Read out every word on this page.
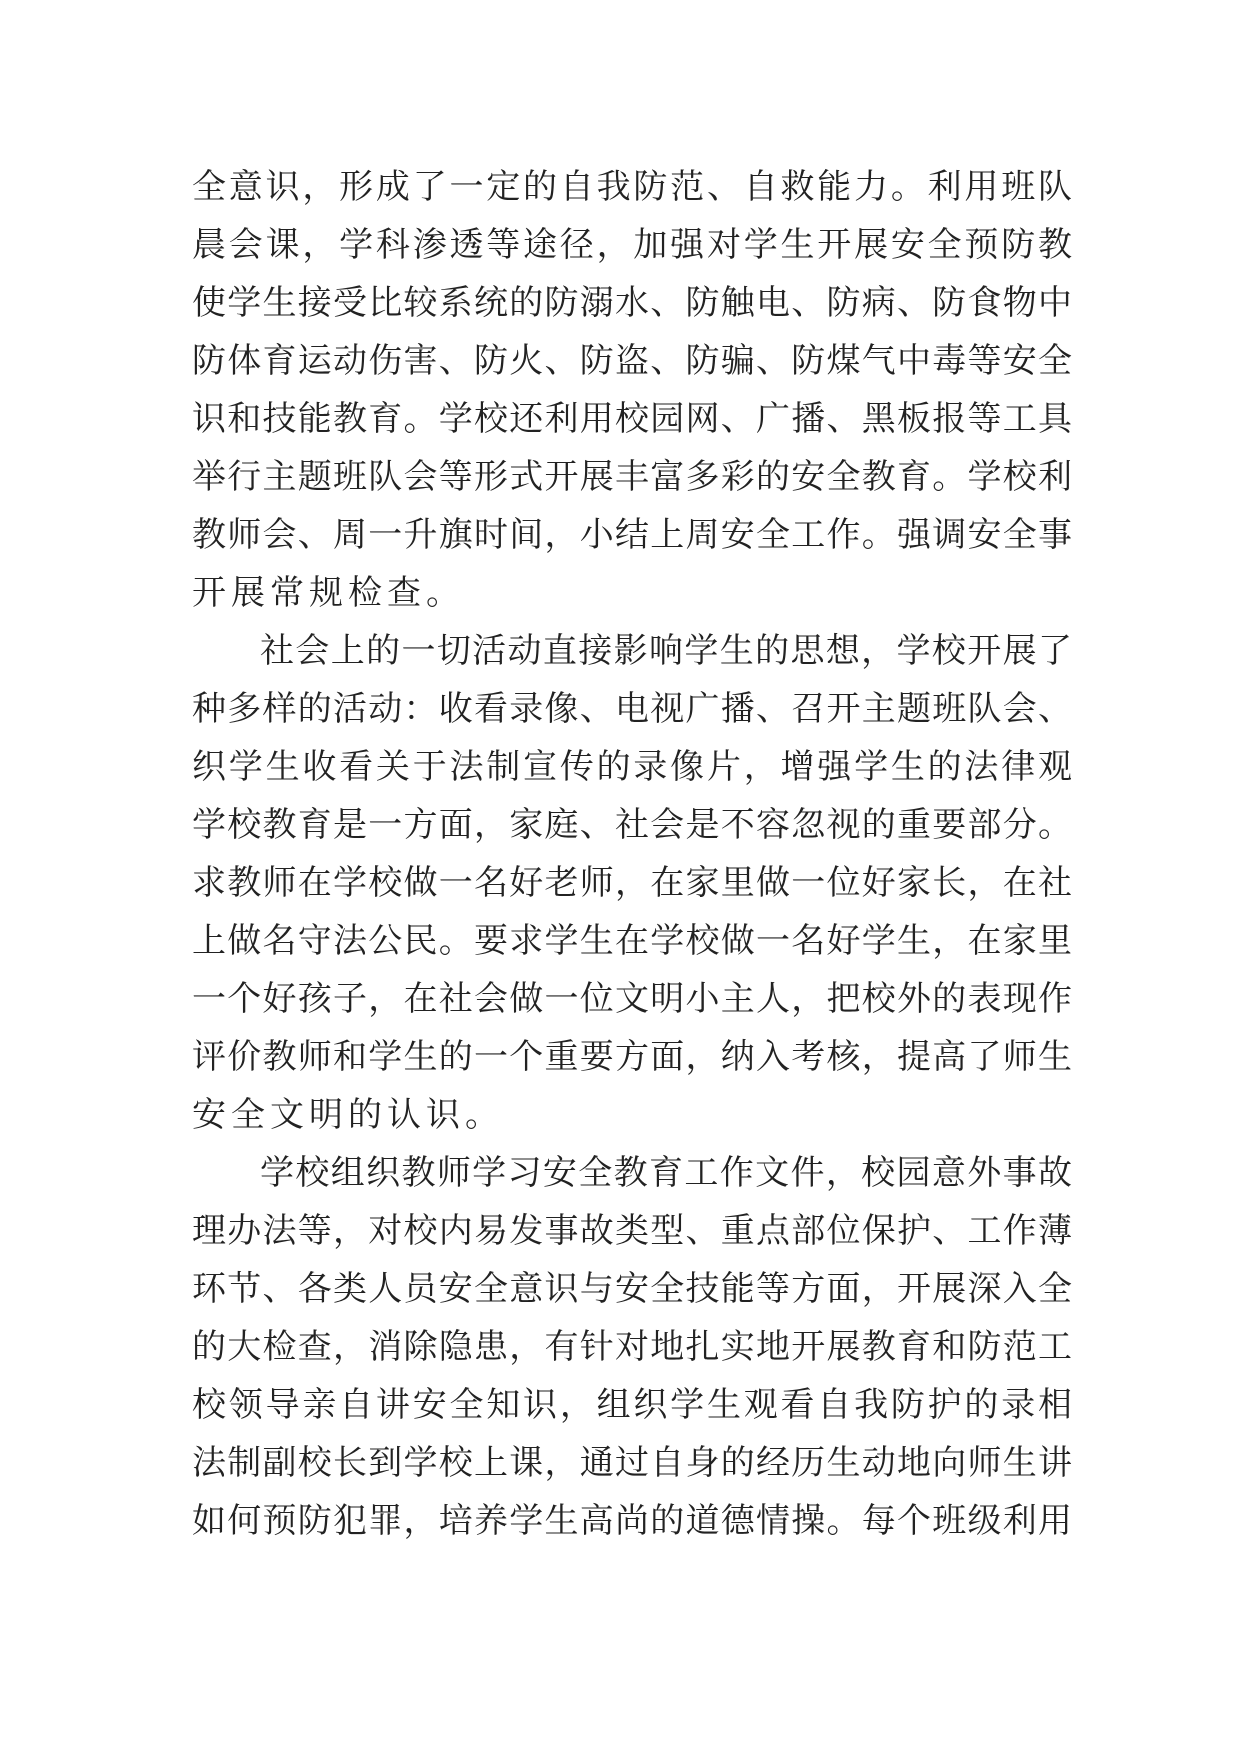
全意识，形成了一定的自我防范、自救能力。利用班队
晨会课，学科渗透等途径，加强对学生开展安全预防教
使学生接受比较系统的防溺水、防触电、防病、防食物中
防体育运动伤害、防火、防盗、防骗、防煤气中毒等安全
识和技能教育。学校还利用校园网、广播、黑板报等工具
举行主题班队会等形式开展丰富多彩的安全教育。学校利
教师会、周一升旗时间，小结上周安全工作。强调安全事
开展常规检查。
社会上的一切活动直接影响学生的思想，学校开展了
种多样的活动：收看录像、电视广播、召开主题班队会、
织学生收看关于法制宣传的录像片，增强学生的法律观
学校教育是一方面，家庭、社会是不容忽视的重要部分。
求教师在学校做一名好老师，在家里做一位好家长，在社
上做名守法公民。要求学生在学校做一名好学生，在家里
一个好孩子，在社会做一位文明小主人，把校外的表现作
评价教师和学生的一个重要方面，纳入考核，提高了师生
安全文明的认识。
学校组织教师学习安全教育工作文件，校园意外事故
理办法等，对校内易发事故类型、重点部位保护、工作薄
环节、各类人员安全意识与安全技能等方面，开展深入全
的大检查，消除隐患，有针对地扎实地开展教育和防范工
校领导亲自讲安全知识，组织学生观看自我防护的录相
法制副校长到学校上课，通过自身的经历生动地向师生讲
如何预防犯罪，培养学生高尚的道德情操。每个班级利用
